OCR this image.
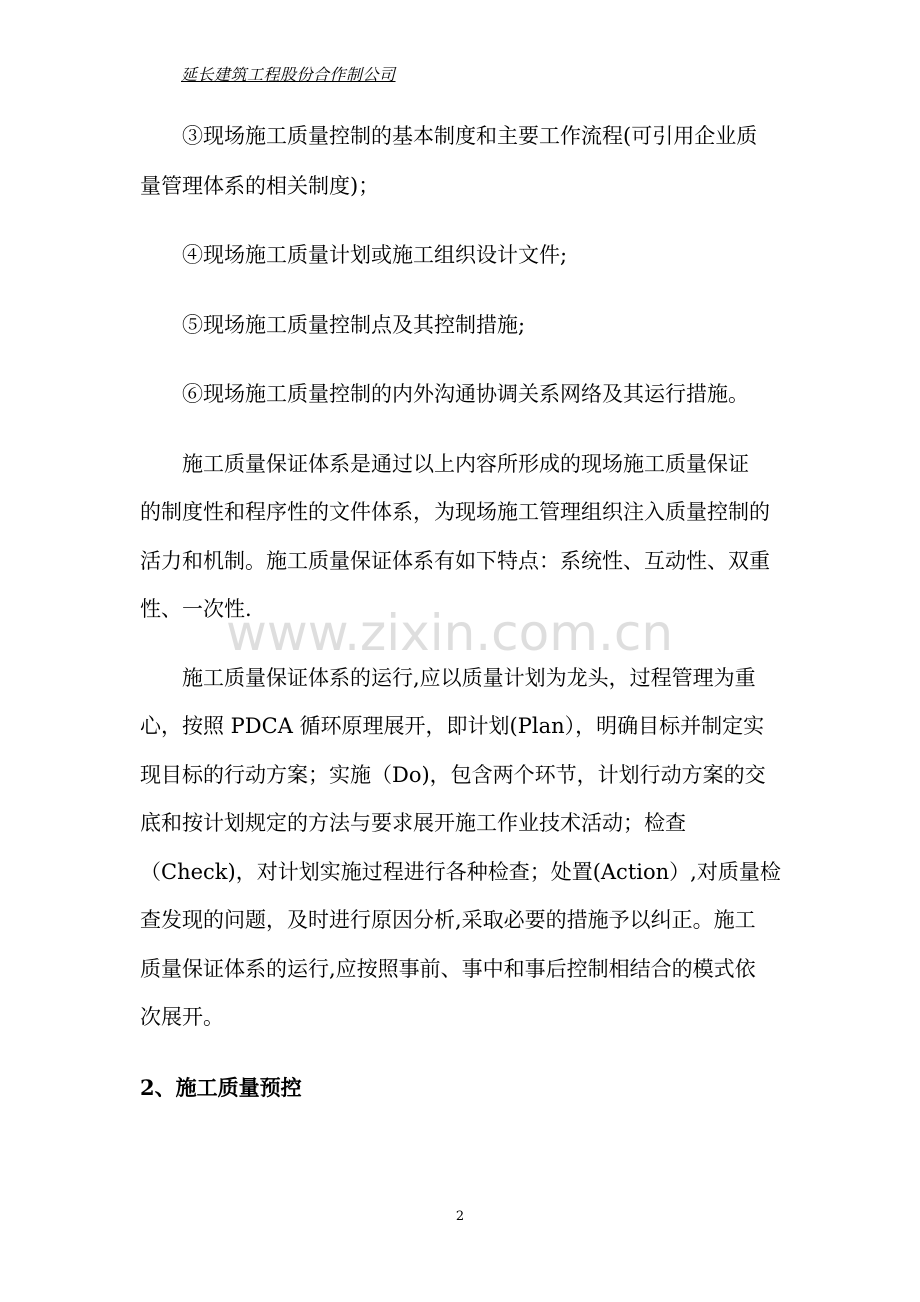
延长建筑工程股份合作制公司
③现场施工质量控制的基本制度和主要工作流程(可引用企业质
量管理体系的相关制度)；
④现场施工质量计划或施工组织设计文件;
⑤现场施工质量控制点及其控制措施;
⑥现场施工质量控制的内外沟通协调关系网络及其运行措施。
施工质量保证体系是通过以上内容所形成的现场施工质量保证
的制度性和程序性的文件体系，为现场施工管理组织注入质量控制的
活力和机制。施工质量保证体系有如下特点：系统性、互动性、双重
性、一次性.
www.zixin.com.cn
施工质量保证体系的运行,应以质量计划为龙头，过程管理为重
心，按照 PDCA 循环原理展开，即计划(Plan），明确目标并制定实
现目标的行动方案；实施（Do)，包含两个环节，计划行动方案的交
底和按计划规定的方法与要求展开施工作业技术活动；检查
（Check)，对计划实施过程进行各种检查；处置(Action）,对质量检
查发现的问题，及时进行原因分析,采取必要的措施予以纠正。施工
质量保证体系的运行,应按照事前、事中和事后控制相结合的模式依
次展开。
2、施工质量预控
2
